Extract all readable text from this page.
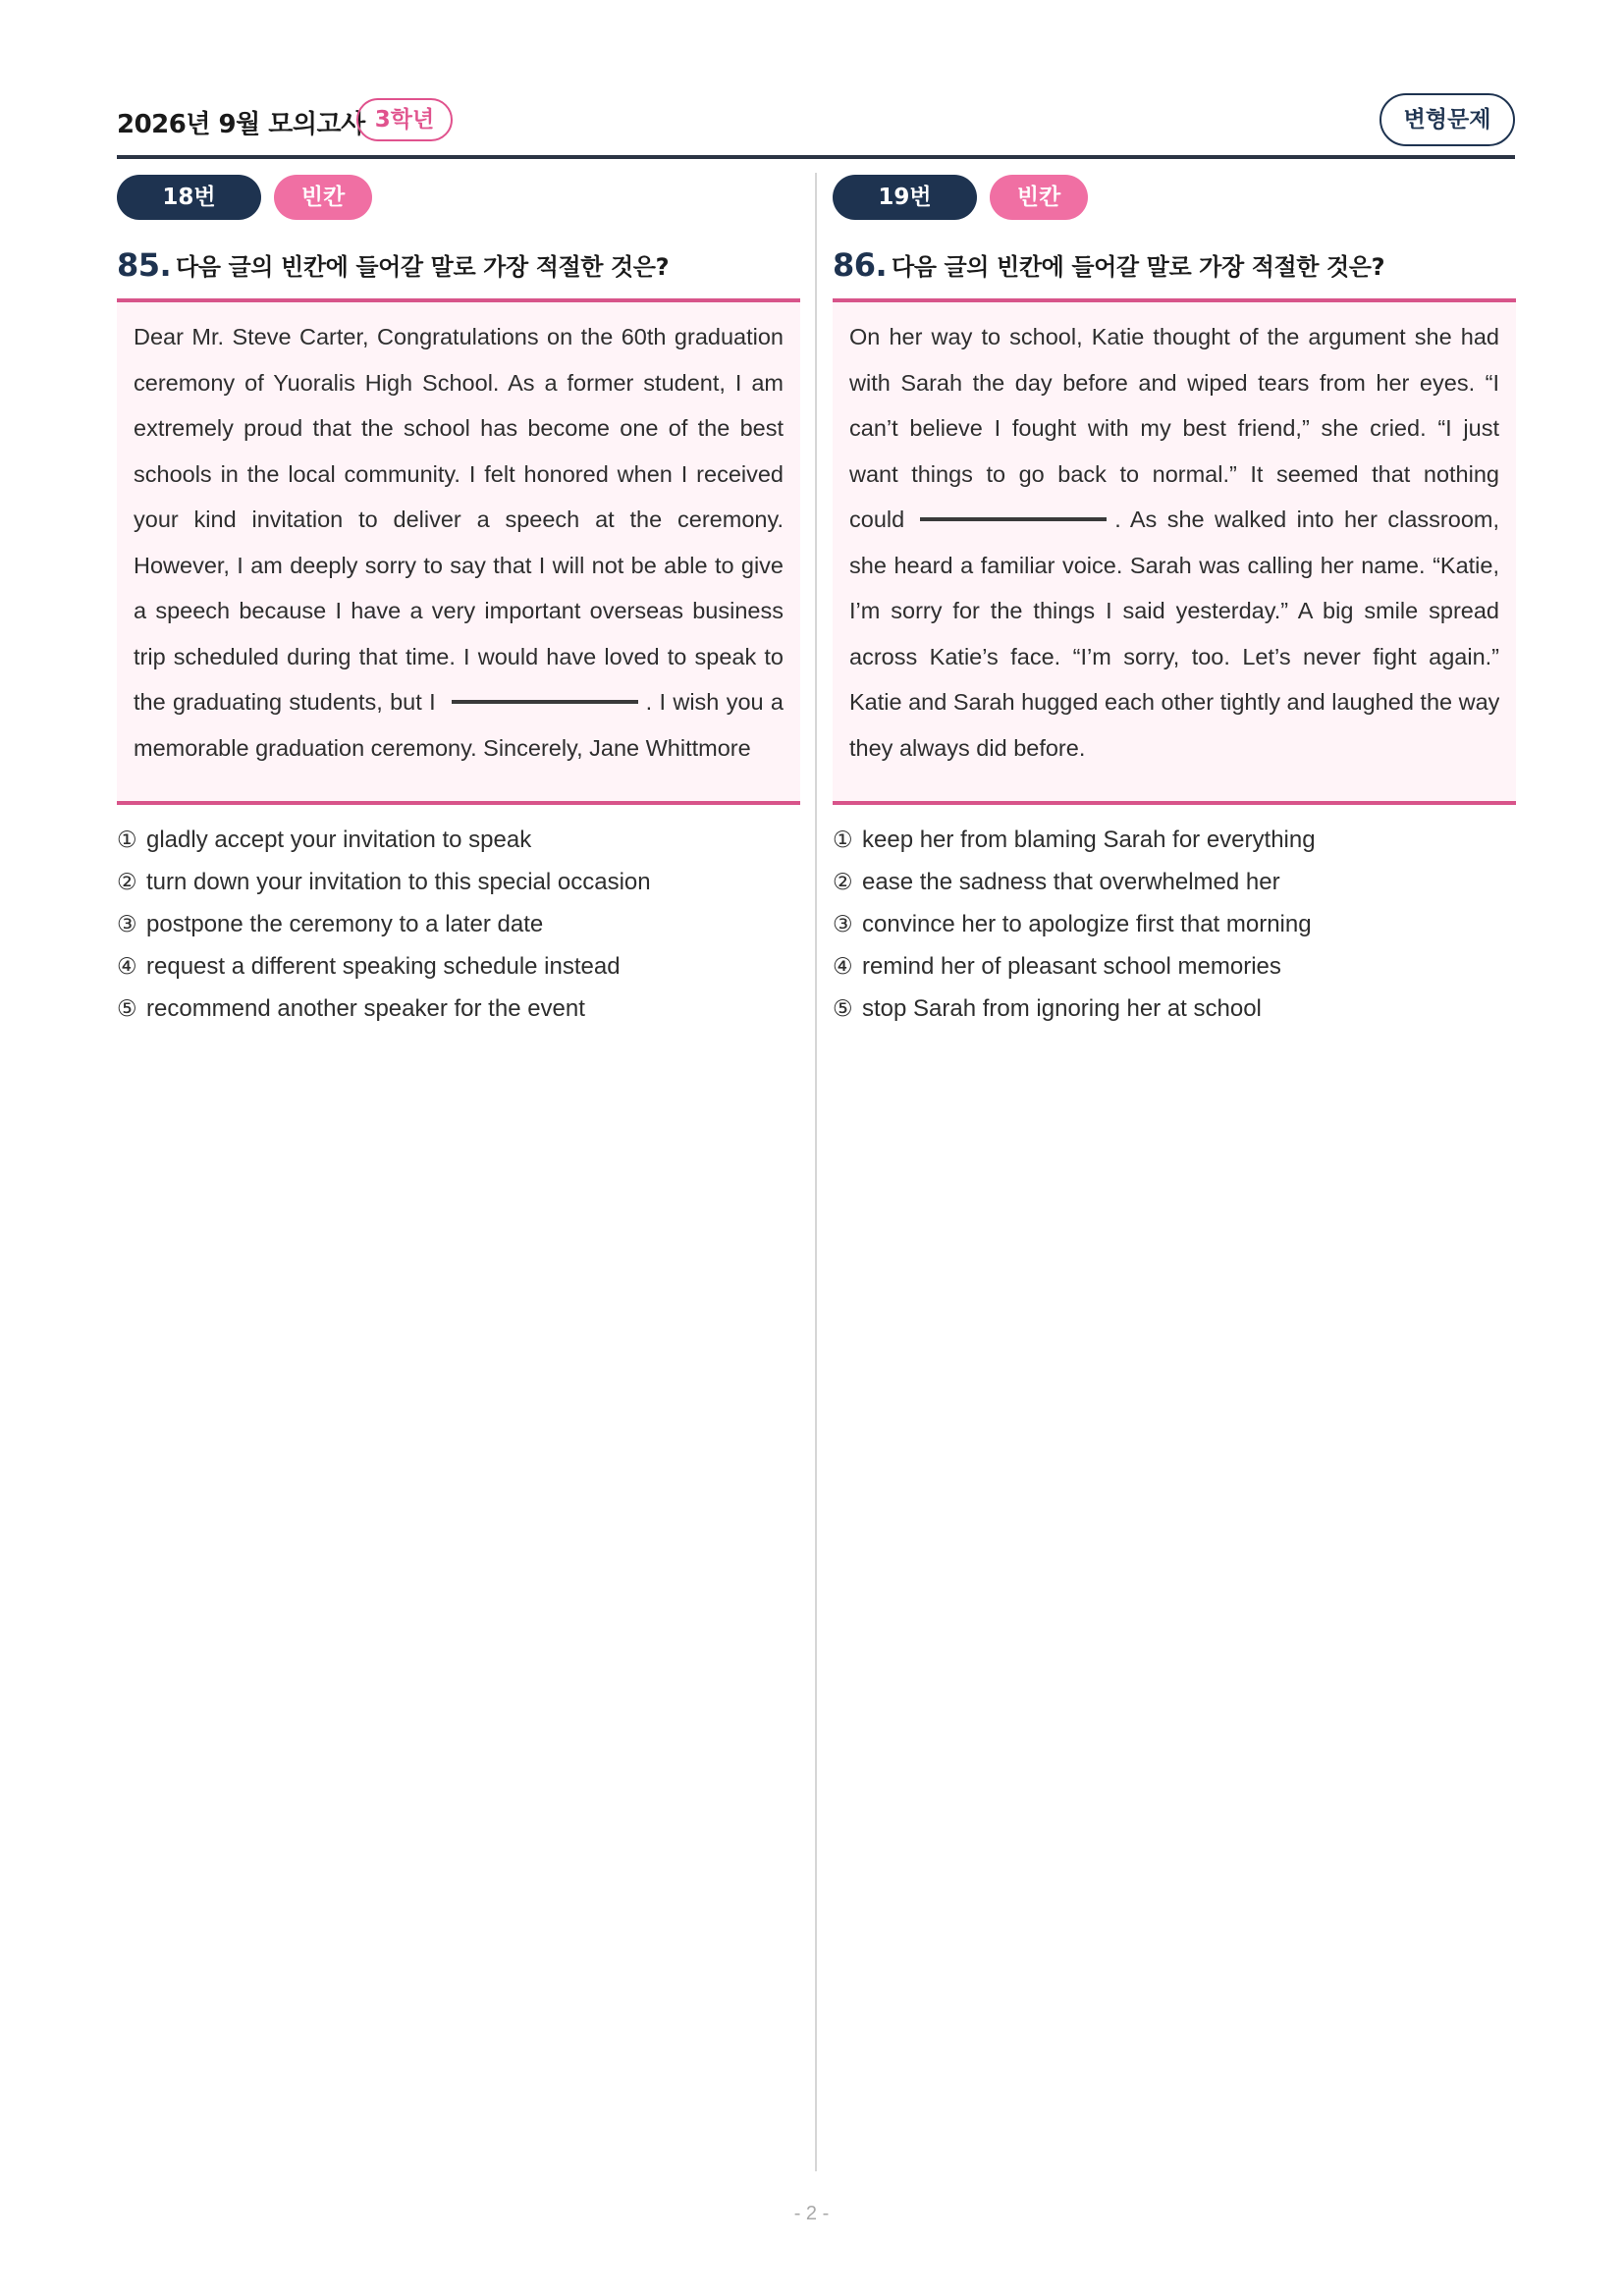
2026년 9월 모의고사 3학년	변형문제
18번	빈칸
85. 다음 글의 빈칸에 들어갈 말로 가장 적절한 것은?
Dear Mr. Steve Carter, Congratulations on the 60th graduation
ceremony of Yuoralis High School. As a former student, I am
extremely proud that the school has become one of the best
schools in the local community. I felt honored when I received
your kind invitation to deliver a speech at the ceremony.
However, I am deeply sorry to say that I will not be able to give
a speech because I have a very important overseas business
trip scheduled during that time. I would have loved to speak to
the graduating students, but I	. I wish you a
memorable graduation ceremony. Sincerely, Jane Whittmore
① gladly accept your invitation to speak
② turn down your invitation to this special occasion
③ postpone the ceremony to a later date
④ request a different speaking schedule instead
⑤ recommend another speaker for the event
19번	빈칸
86. 다음 글의 빈칸에 들어갈 말로 가장 적절한 것은?
On her way to school, Katie thought of the argument she had
with Sarah the day before and wiped tears from her eyes. “I
can’t believe I fought with my best friend,” she cried. “I just
want things to go back to normal.” It seemed that nothing
could	. As she walked into her classroom,
she heard a familiar voice. Sarah was calling her name. “Katie,
I’m sorry for the things I said yesterday.” A big smile spread
across Katie’s face. “I’m sorry, too. Let’s never fight again.”
Katie and Sarah hugged each other tightly and laughed the way
they always did before.
① keep her from blaming Sarah for everything
② ease the sadness that overwhelmed her
③ convince her to apologize first that morning
④ remind her of pleasant school memories
⑤ stop Sarah from ignoring her at school
- 2 -
